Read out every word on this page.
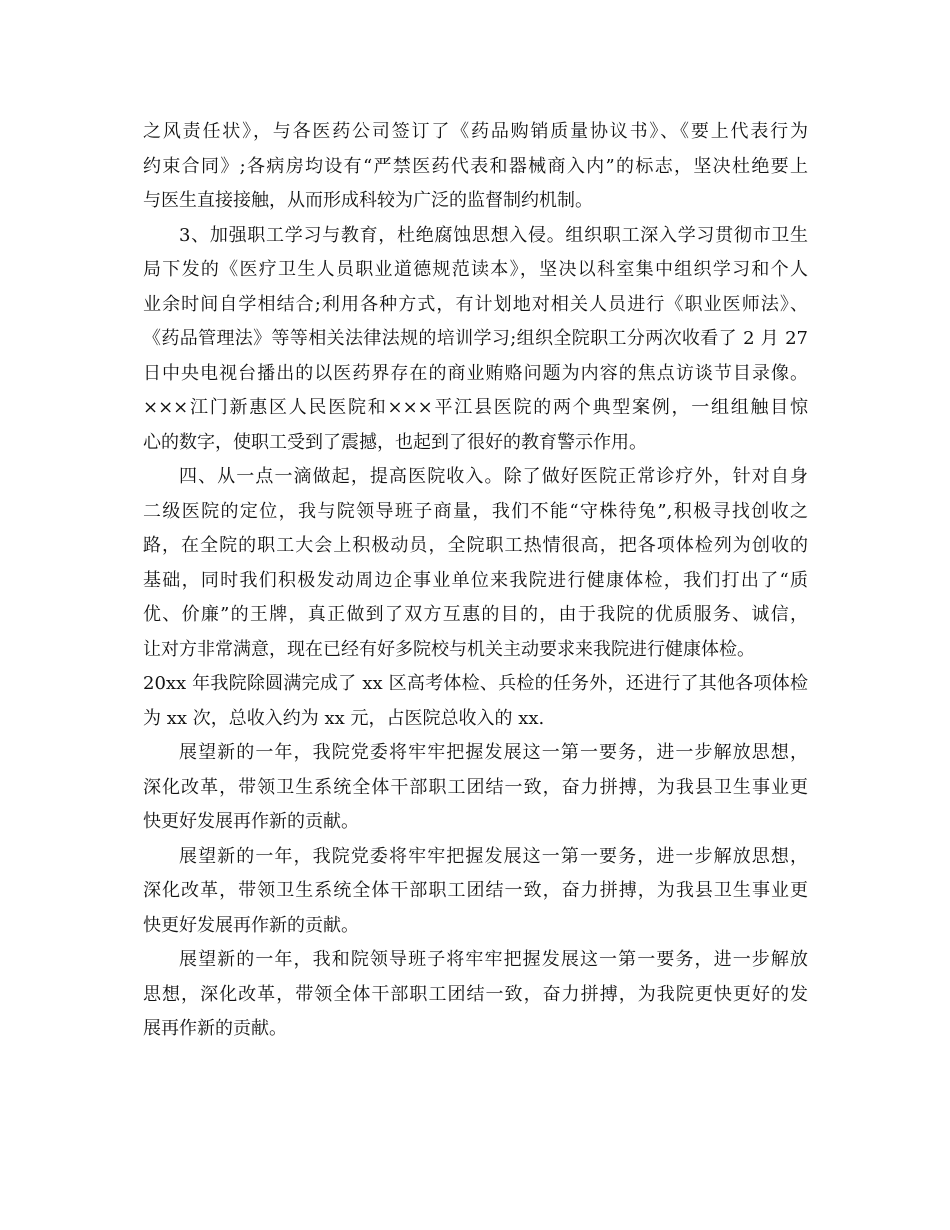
之风责任状》，与各医药公司签订了《药品购销质量协议书》、《要上代表行为
约束合同》;各病房均设有“严禁医药代表和器械商入内”的标志，坚决杜绝要上
与医生直接接触，从而形成科较为广泛的监督制约机制。
3、加强职工学习与教育，杜绝腐蚀思想入侵。组织职工深入学习贯彻市卫生
局下发的《医疗卫生人员职业道德规范读本》，坚决以科室集中组织学习和个人
业余时间自学相结合;利用各种方式，有计划地对相关人员进行《职业医师法》、
《药品管理法》等等相关法律法规的培训学习;组织全院职工分两次收看了 2 月 27
日中央电视台播出的以医药界存在的商业贿赂问题为内容的焦点访谈节目录像。
×××江门新惠区人民医院和×××平江县医院的两个典型案例，一组组触目惊
心的数字，使职工受到了震撼，也起到了很好的教育警示作用。
四、从一点一滴做起，提高医院收入。除了做好医院正常诊疗外，针对自身
二级医院的定位，我与院领导班子商量，我们不能“守株待兔”,积极寻找创收之
路，在全院的职工大会上积极动员，全院职工热情很高，把各项体检列为创收的
基础，同时我们积极发动周边企事业单位来我院进行健康体检，我们打出了“质
优、价廉”的王牌，真正做到了双方互惠的目的，由于我院的优质服务、诚信，
让对方非常满意，现在已经有好多院校与机关主动要求来我院进行健康体检。
20xx 年我院除圆满完成了 xx 区高考体检、兵检的任务外，还进行了其他各项体检
为 xx 次，总收入约为 xx 元，占医院总收入的 xx.
展望新的一年，我院党委将牢牢把握发展这一第一要务，进一步解放思想，
深化改革，带领卫生系统全体干部职工团结一致，奋力拼搏，为我县卫生事业更
快更好发展再作新的贡献。
展望新的一年，我院党委将牢牢把握发展这一第一要务，进一步解放思想，
深化改革，带领卫生系统全体干部职工团结一致，奋力拼搏，为我县卫生事业更
快更好发展再作新的贡献。
展望新的一年，我和院领导班子将牢牢把握发展这一第一要务，进一步解放
思想，深化改革，带领全体干部职工团结一致，奋力拼搏，为我院更快更好的发
展再作新的贡献。
